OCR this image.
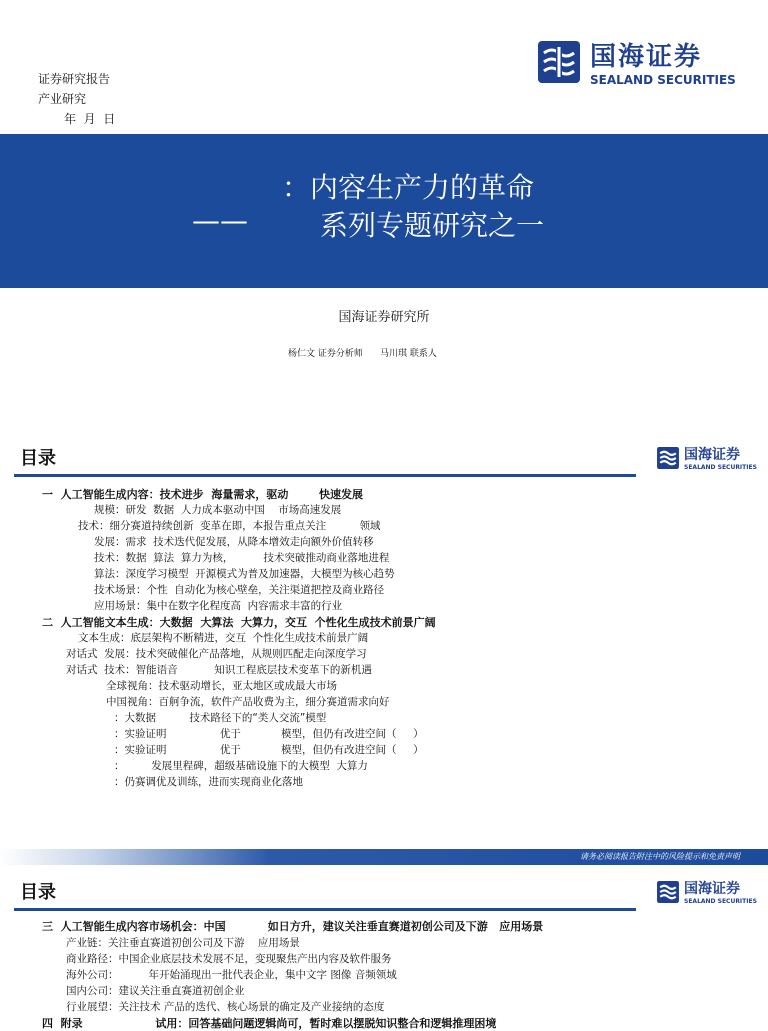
国海证券
SEALAND SECURITIES
证券研究报告
产业研究
年  月  日
：内容生产力的革命
——	系列专题研究之一
国海证券研究所
杨仁文 证券分析师      马川琪 联系人
目录	国海证券
SEALAND SECURITIES
一  人工智能生成内容：技术进步  海量需求，驱动        快速发展
规模：研发  数据  人力成本驱动中国    市场高速发展
技术：细分赛道持续创新  变革在即，本报告重点关注          领域
发展：需求  技术迭代促发展，从降本增效走向额外价值转移
技术：数据  算法  算力为核，         技术突破推动商业落地进程
算法：深度学习模型  开源模式为普及加速器，大模型为核心趋势
技术场景：个性  自动化为核心壁垒，关注渠道把控及商业路径
应用场景：集中在数字化程度高  内容需求丰富的行业
二  人工智能文本生成：大数据  大算法  大算力，交互  个性化生成技术前景广阔
文本生成：底层架构不断精进，交互  个性化生成技术前景广阔
对话式  发展：技术突破催化产品落地，从规则匹配走向深度学习
对话式  技术：智能语音           知识工程底层技术变革下的新机遇
全球视角：技术驱动增长，亚太地区或成最大市场
中国视角：百舸争流，软件产品收费为主，细分赛道需求向好
：大数据          技术路径下的“类人交流”模型
：实验证明                优于            模型，但仍有改进空间（     ）
：实验证明                优于            模型，但仍有改进空间（     ）
：        发展里程碑，超级基础设施下的大模型  大算力
：仍赛调优及训练，进而实现商业化落地
请务必阅读报告附注中的风险提示和免责声明
目录	国海证券
SEALAND SECURITIES
三  人工智能生成内容市场机会：中国           如日方升，建议关注垂直赛道初创公司及下游   应用场景
产业链：关注垂直赛道初创公司及下游    应用场景
商业路径：中国企业底层技术发展不足，变现聚焦产出内容及软件服务
海外公司：         年开始涌现出一批代表企业，集中文字 图像 音频领域
国内公司：建议关注垂直赛道初创企业
行业展望：关注技术 产品的迭代、核心场景的确定及产业接纳的态度
四  附录                   试用：回答基础问题逻辑尚可，暂时难以摆脱知识整合和逻辑推理困境
